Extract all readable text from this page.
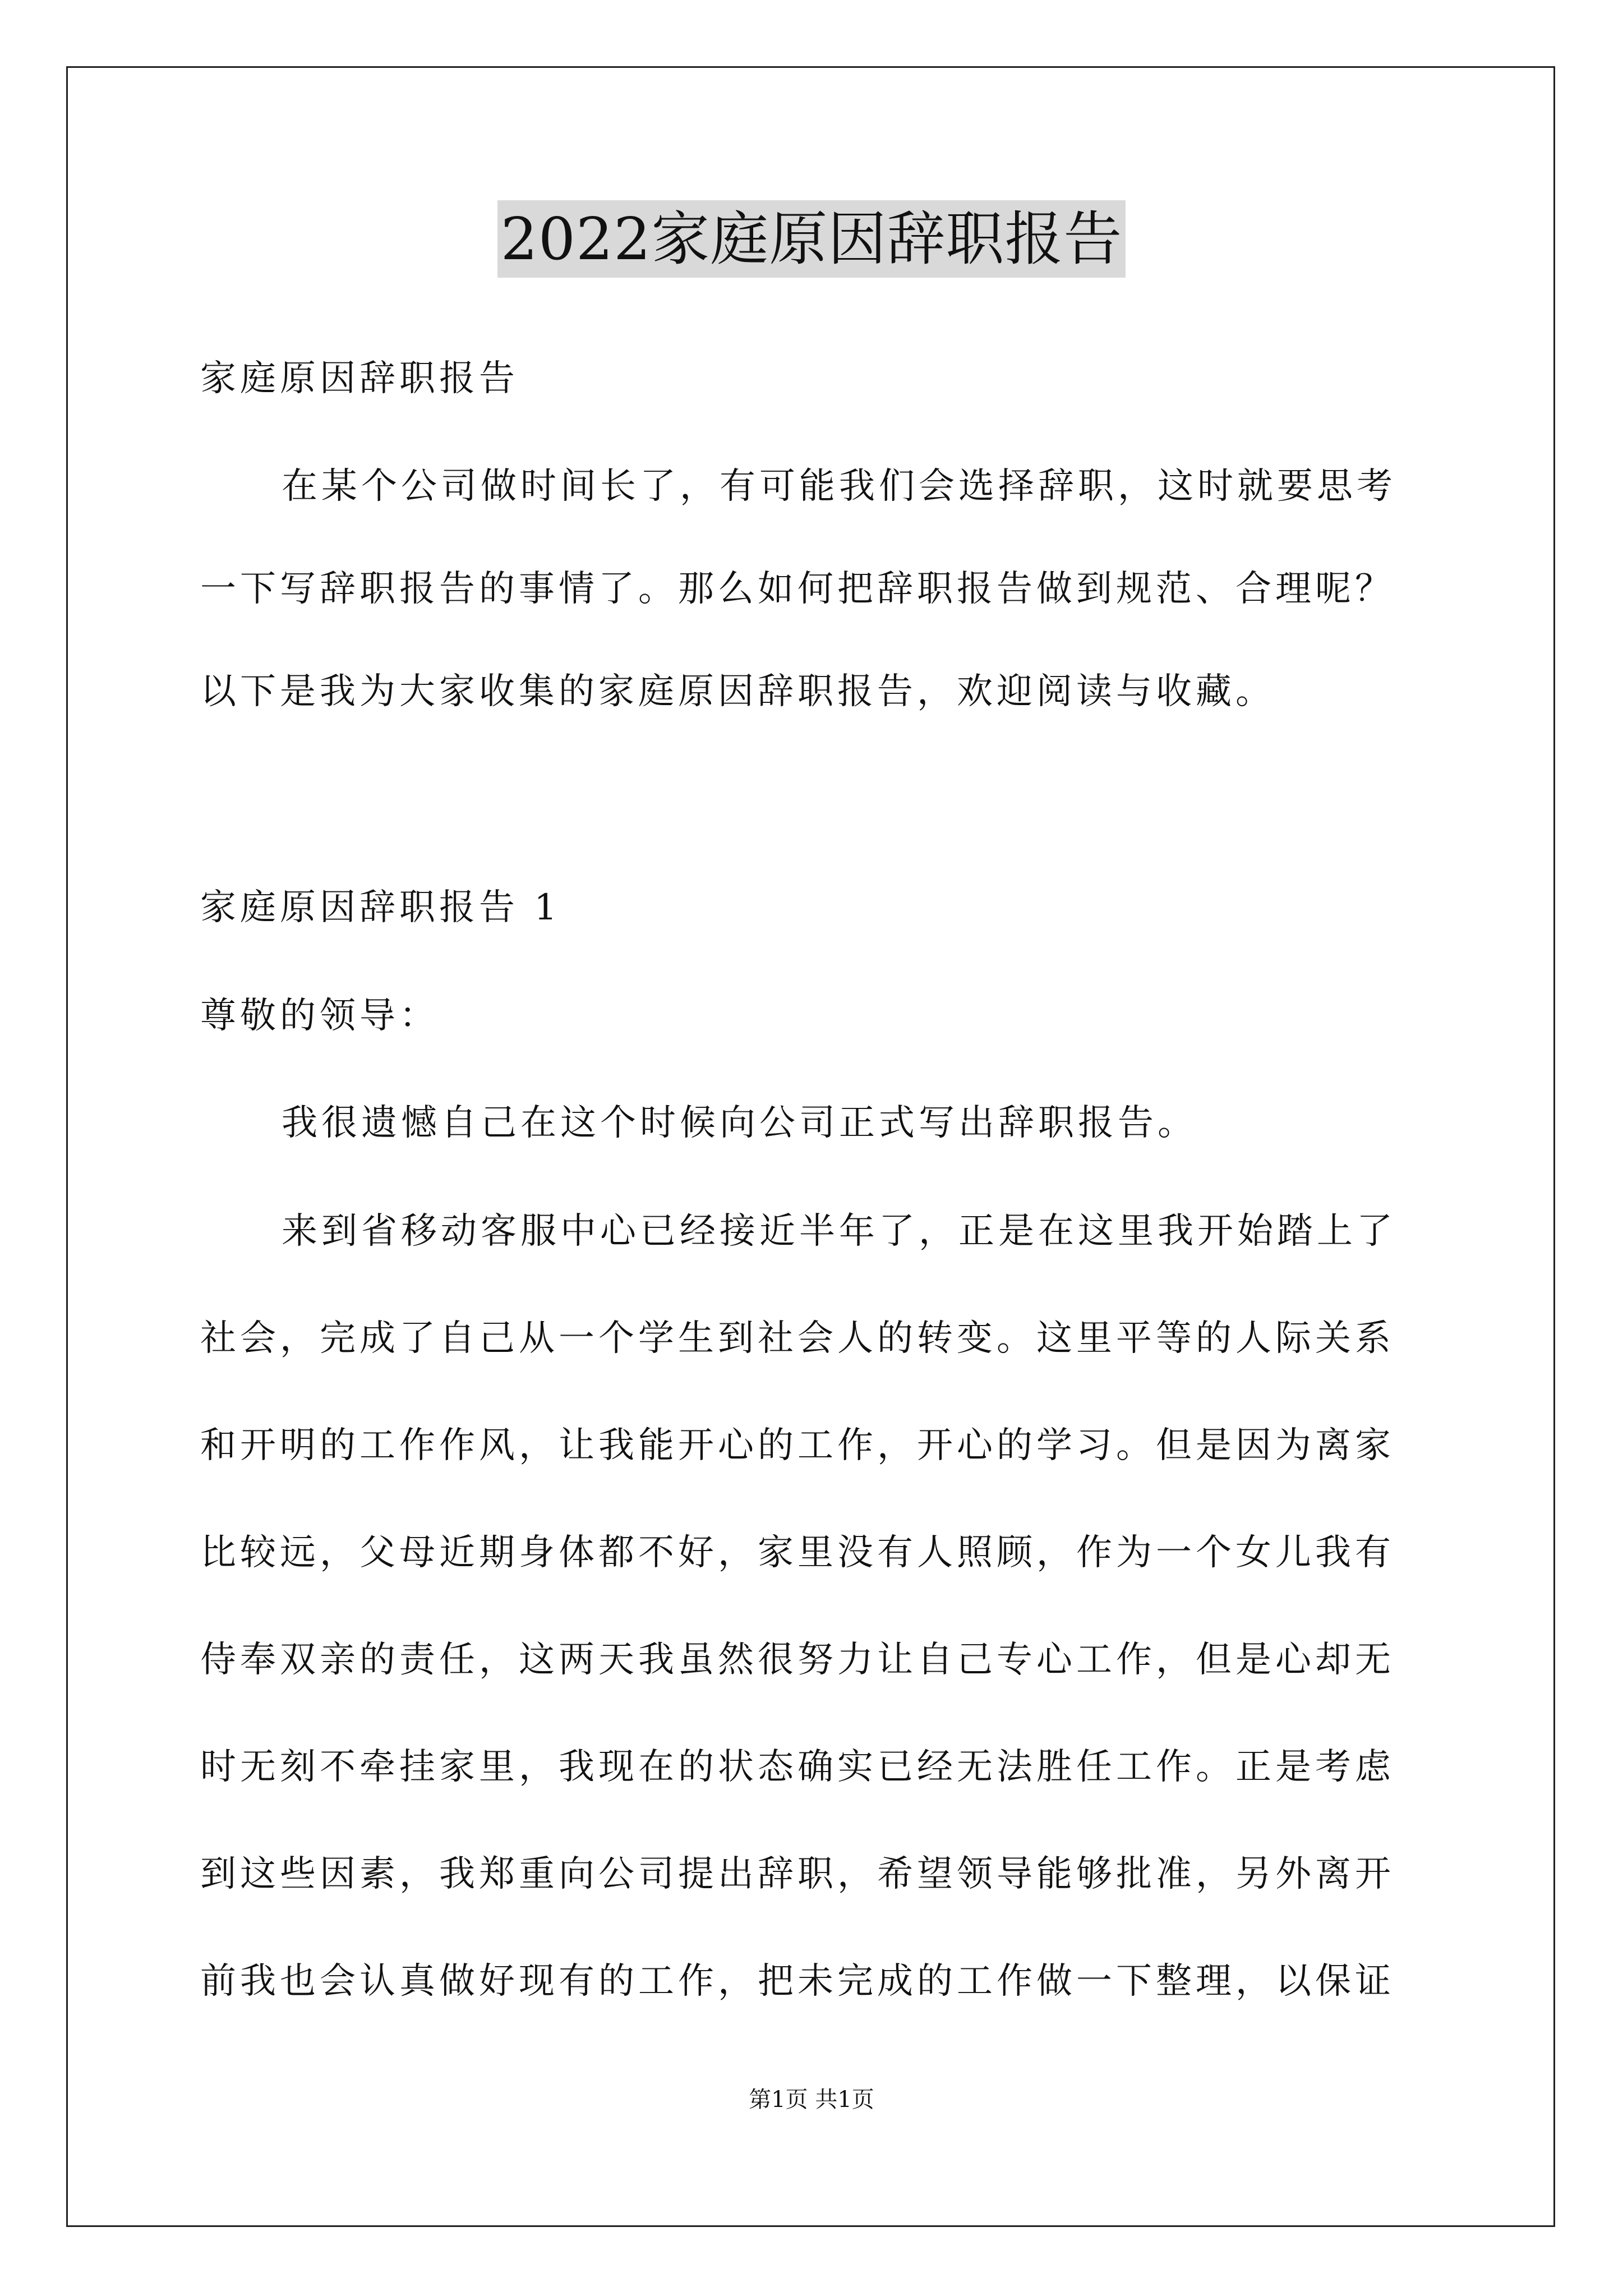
2022家庭原因辞职报告
家庭原因辞职报告
在某个公司做时间长了，有可能我们会选择辞职，这时就要思考
一下写辞职报告的事情了。那么如何把辞职报告做到规范、合理呢？
以下是我为大家收集的家庭原因辞职报告，欢迎阅读与收藏。
家庭原因辞职报告 1
尊敬的领导：
我很遗憾自己在这个时候向公司正式写出辞职报告。
来到省移动客服中心已经接近半年了，正是在这里我开始踏上了
社会，完成了自己从一个学生到社会人的转变。这里平等的人际关系
和开明的工作作风，让我能开心的工作，开心的学习。但是因为离家
比较远，父母近期身体都不好，家里没有人照顾，作为一个女儿我有
侍奉双亲的责任，这两天我虽然很努力让自己专心工作，但是心却无
时无刻不牵挂家里，我现在的状态确实已经无法胜任工作。正是考虑
到这些因素，我郑重向公司提出辞职，希望领导能够批准，另外离开
前我也会认真做好现有的工作，把未完成的工作做一下整理，以保证
第1页 共1页
